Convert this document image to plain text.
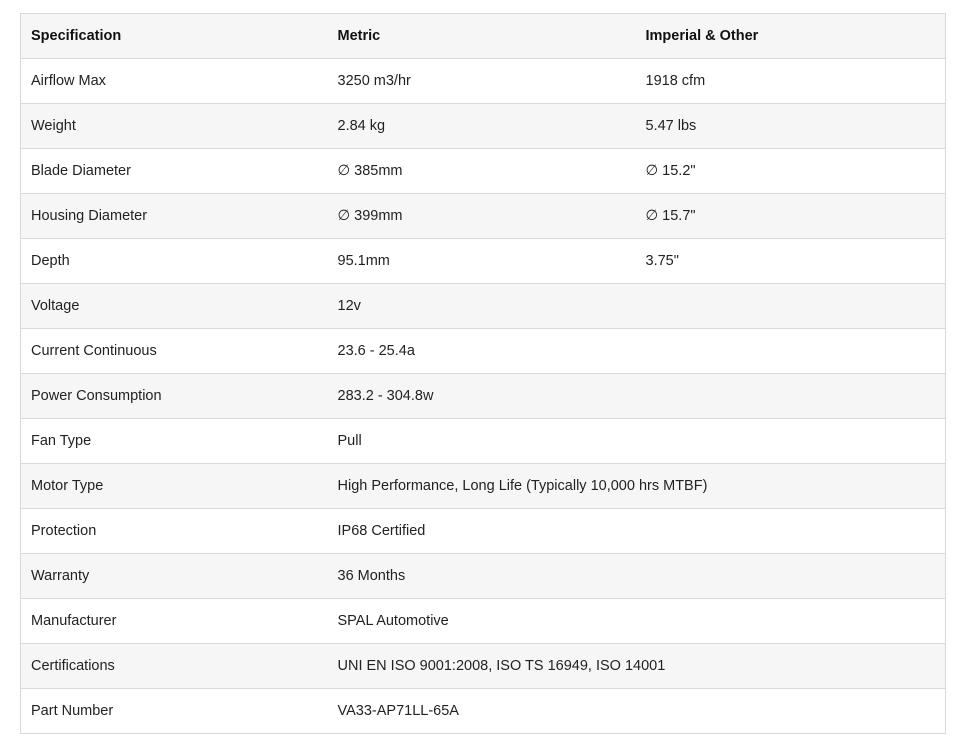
Specification	Metric	Imperial & Other
Airflow Max	3250 m3/hr	1918 cfm
Weight	2.84 kg	5.47 lbs
Blade Diameter	∅ 385mm	∅ 15.2"
Housing Diameter	∅ 399mm	∅ 15.7"
Depth	95.1mm	3.75"
Voltage	12v	
Current Continuous	23.6 - 25.4a	
Power Consumption	283.2 - 304.8w	
Fan Type	Pull	
Motor Type	High Performance, Long Life (Typically 10,000 hrs MTBF)	
Protection	IP68 Certified	
Warranty	36 Months	
Manufacturer	SPAL Automotive	
Certifications	UNI EN ISO 9001:2008, ISO TS 16949, ISO 14001	
Part Number	VA33-AP71LL-65A	
